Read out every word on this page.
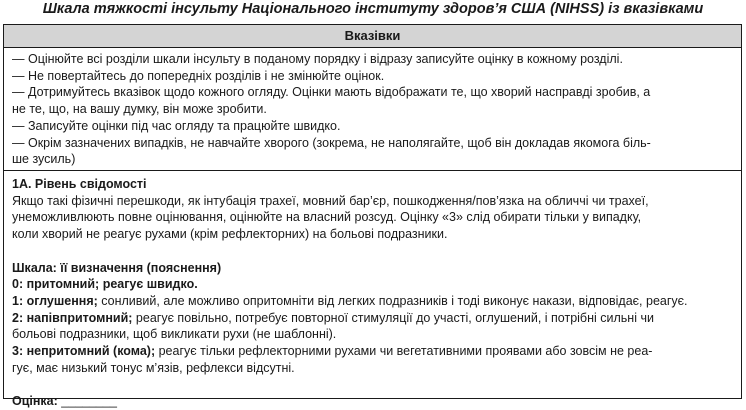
Шкала тяжкості інсульту Національного інституту здоров’я США (NIHSS) із вказівками
Вказівки
— Оцінюйте всі розділи шкали інсульту в поданому порядку і відразу записуйте оцінку в кожному розділі.
— Не повертайтесь до попередніх розділів і не змінюйте оцінок.
— Дотримуйтесь вказівок щодо кожного огляду. Оцінки мають відображати те, що хворий насправді зробив, а
не те, що, на вашу думку, він може зробити.
— Записуйте оцінки під час огляду та працюйте швидко.
— Окрім зазначених випадків, не навчайте хворого (зокрема, не наполягайте, щоб він докладав якомога біль-
ше зусиль)
1А. Рівень свідомості
Якщо такі фізичні перешкоди, як інтубація трахеї, мовний бар’єр, пошкодження/пов’язка на обличчі чи трахеї,
унеможливлюють повне оцінювання, оцінюйте на власний розсуд. Оцінку «3» слід обирати тільки у випадку,
коли хворий не реагує рухами (крім рефлекторних) на больові подразники.
Шкала: її визначення (пояснення)
0: притомний; реагує швидко.
1: оглушення; сонливий, але можливо опритомніти від легких подразників і тоді виконує накази, відповідає, реагує.
2: напівпритомний; реагує повільно, потребує повторної стимуляції до участі, оглушений, і потрібні сильні чи
больові подразники, щоб викликати рухи (не шаблонні).
3: непритомний (кома); реагує тільки рефлекторними рухами чи вегетативними проявами або зовсім не реа-
гує, має низький тонус м’язів, рефлекси відсутні.
Оцінка: ________
